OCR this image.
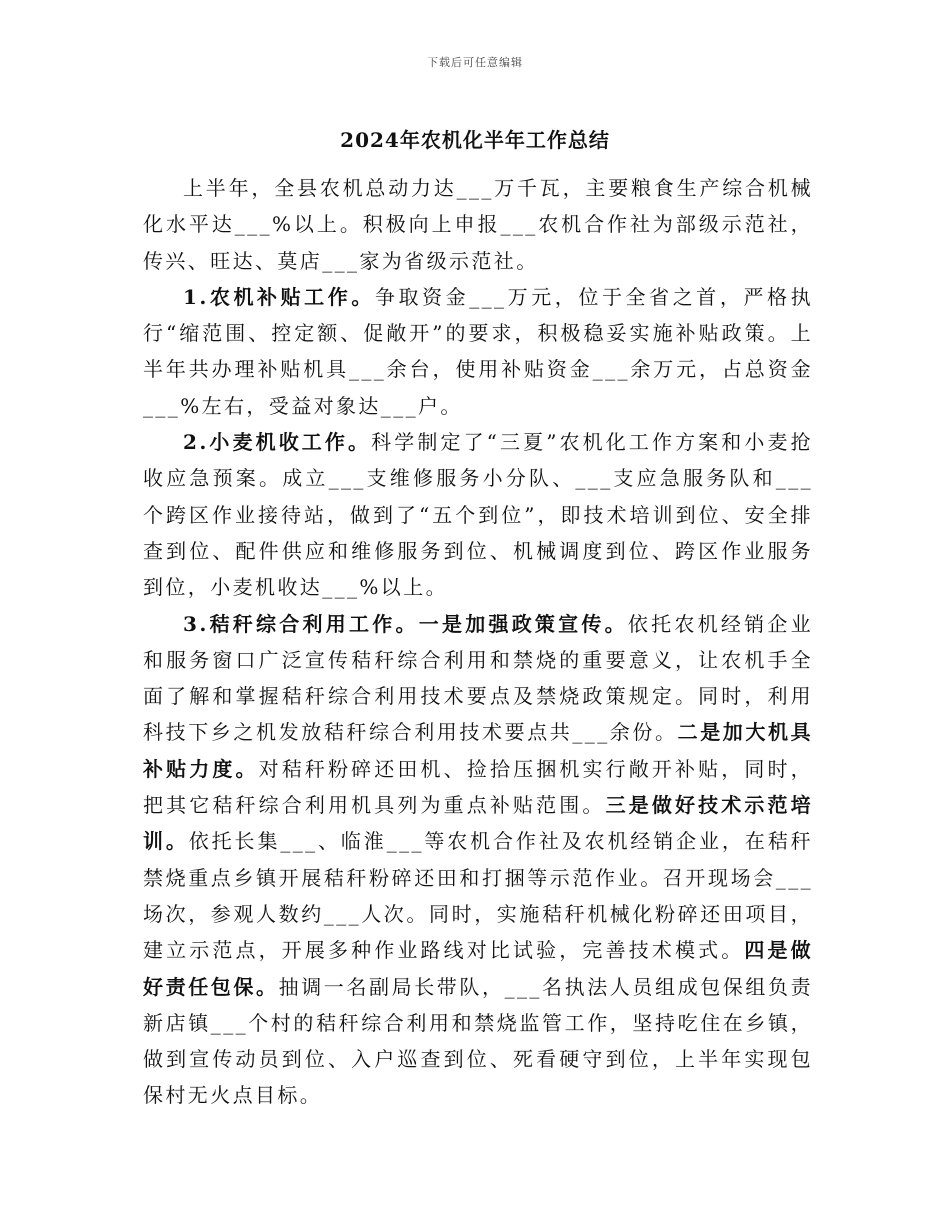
下载后可任意编辑
2024年农机化半年工作总结

上半年，全县农机总动力达___万千瓦，主要粮食生产综合机械化水平达___%以上。积极向上申报___农机合作社为部级示范社，传兴、旺达、莫店___家为省级示范社。

1.农机补贴工作。争取资金___万元，位于全省之首，严格执行“缩范围、控定额、促敞开”的要求，积极稳妥实施补贴政策。上半年共办理补贴机具___余台，使用补贴资金___余万元，占总资金___%左右，受益对象达___户。

2.小麦机收工作。科学制定了“三夏”农机化工作方案和小麦抢收应急预案。成立___支维修服务小分队、___支应急服务队和___个跨区作业接待站，做到了“五个到位”，即技术培训到位、安全排查到位、配件供应和维修服务到位、机械调度到位、跨区作业服务到位，小麦机收达___%以上。

3.秸秆综合利用工作。一是加强政策宣传。依托农机经销企业和服务窗口广泛宣传秸秆综合利用和禁烧的重要意义，让农机手全面了解和掌握秸秆综合利用技术要点及禁烧政策规定。同时，利用科技下乡之机发放秸秆综合利用技术要点共___余份。二是加大机具补贴力度。对秸秆粉碎还田机、捡拾压捆机实行敞开补贴，同时，把其它秸秆综合利用机具列为重点补贴范围。三是做好技术示范培训。依托长集___、临淮___等农机合作社及农机经销企业，在秸秆禁烧重点乡镇开展秸秆粉碎还田和打捆等示范作业。召开现场会___场次，参观人数约___人次。同时，实施秸秆机械化粉碎还田项目，建立示范点，开展多种作业路线对比试验，完善技术模式。四是做好责任包保。抽调一名副局长带队，___名执法人员组成包保组负责新店镇___个村的秸秆综合利用和禁烧监管工作，坚持吃住在乡镇，做到宣传动员到位、入户巡查到位、死看硬守到位，上半年实现包保村无火点目标。
